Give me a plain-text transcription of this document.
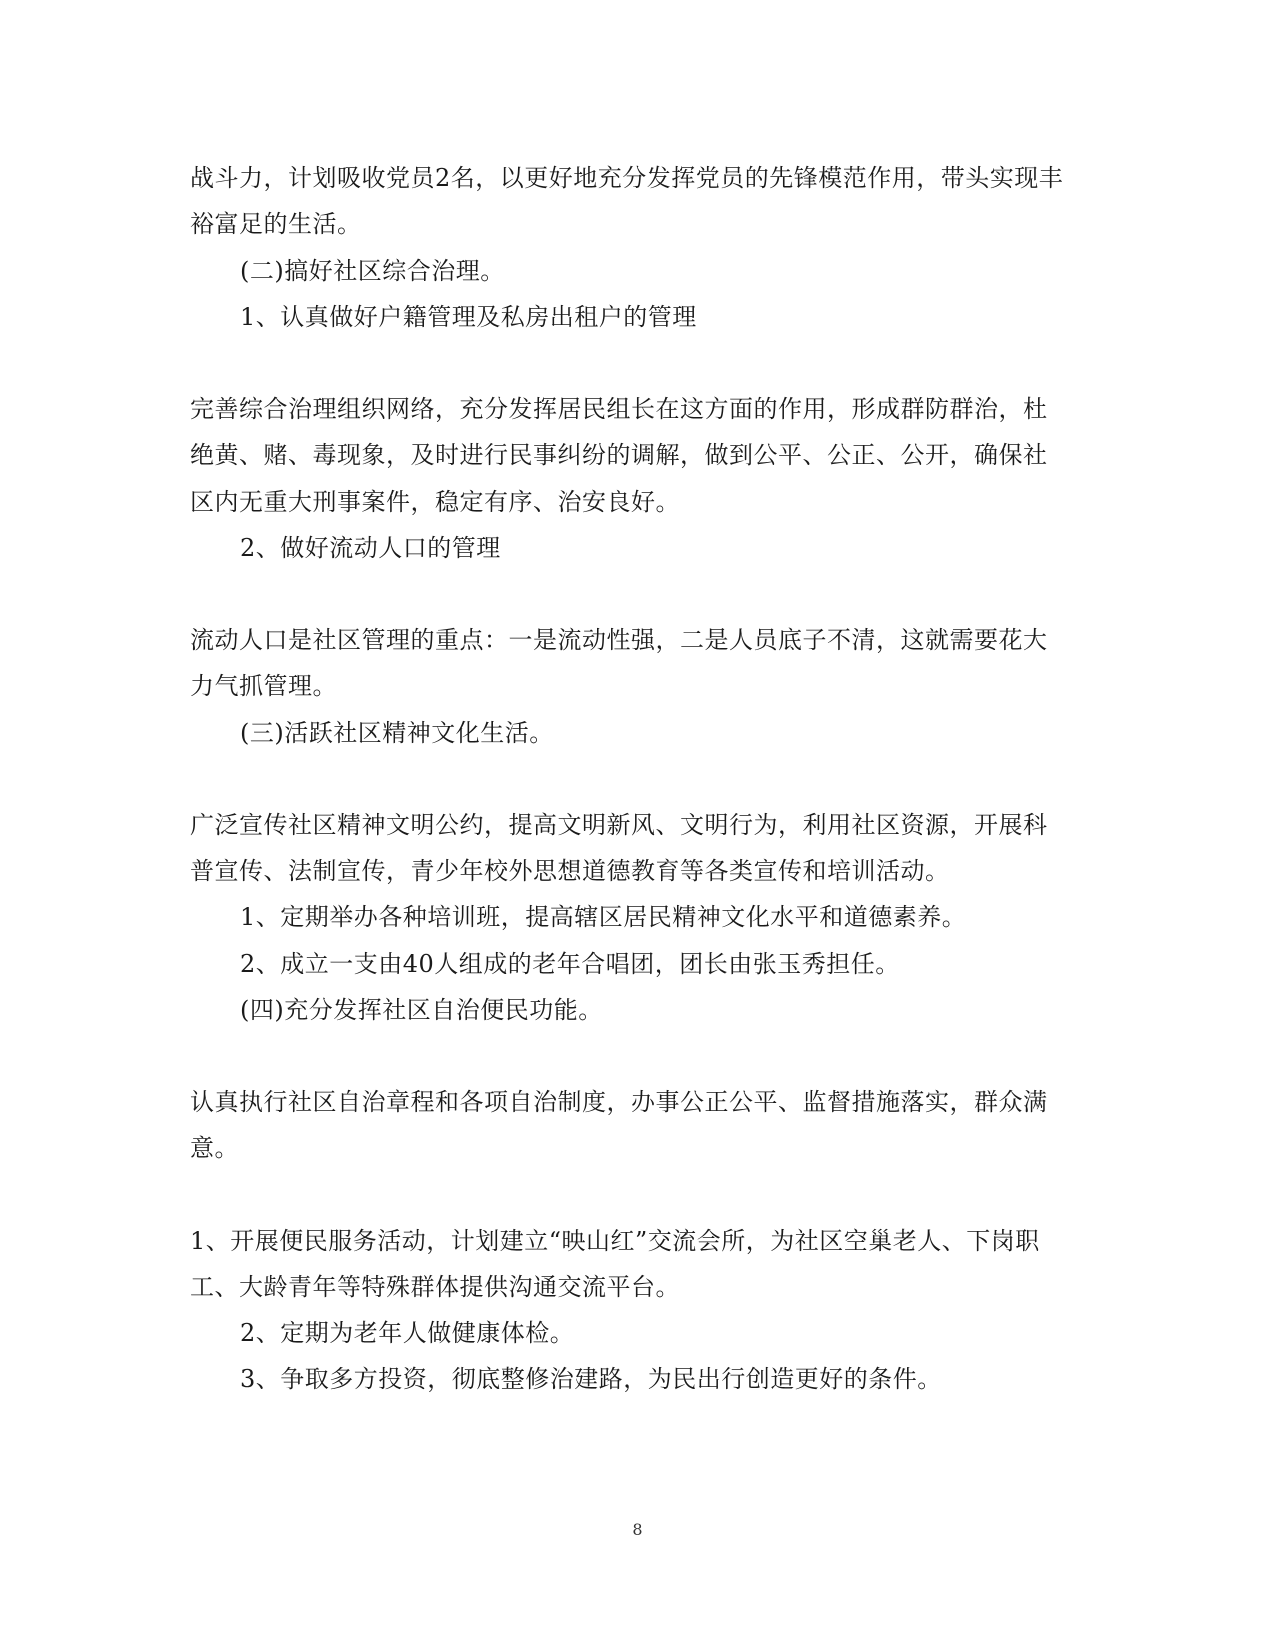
战斗力，计划吸收党员2名，以更好地充分发挥党员的先锋模范作用，带头实现丰
裕富足的生活。
(二)搞好社区综合治理。
1、认真做好户籍管理及私房出租户的管理
完善综合治理组织网络，充分发挥居民组长在这方面的作用，形成群防群治，杜
绝黄、赌、毒现象，及时进行民事纠纷的调解，做到公平、公正、公开，确保社
区内无重大刑事案件，稳定有序、治安良好。
2、做好流动人口的管理
流动人口是社区管理的重点：一是流动性强，二是人员底子不清，这就需要花大
力气抓管理。
(三)活跃社区精神文化生活。
广泛宣传社区精神文明公约，提高文明新风、文明行为，利用社区资源，开展科
普宣传、法制宣传，青少年校外思想道德教育等各类宣传和培训活动。
1、定期举办各种培训班，提高辖区居民精神文化水平和道德素养。
2、成立一支由40人组成的老年合唱团，团长由张玉秀担任。
(四)充分发挥社区自治便民功能。
认真执行社区自治章程和各项自治制度，办事公正公平、监督措施落实，群众满
意。
1、开展便民服务活动，计划建立“映山红”交流会所，为社区空巢老人、下岗职
工、大龄青年等特殊群体提供沟通交流平台。
2、定期为老年人做健康体检。
3、争取多方投资，彻底整修治建路，为民出行创造更好的条件。
8
